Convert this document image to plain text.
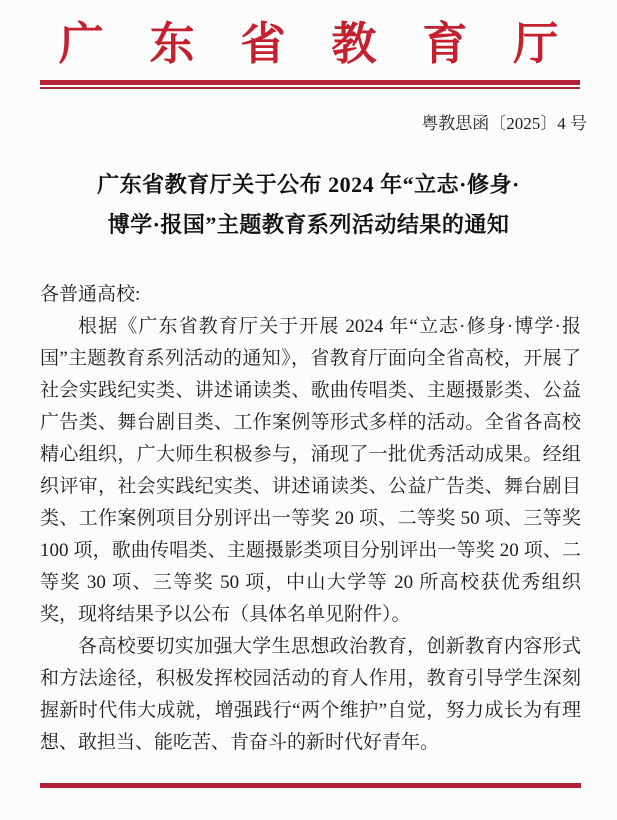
广东省教育厅
粤教思函〔2025〕4 号
广东省教育厅关于公布 2024 年“立志·修身·
博学·报国”主题教育系列活动结果的通知

各普通高校:

根据《广东省教育厅关于开展 2024 年“立志·修身·博学·报国”主题教育系列活动的通知》，省教育厅面向全省高校，开展了社会实践纪实类、讲述诵读类、歌曲传唱类、主题摄影类、公益广告类、舞台剧目类、工作案例等形式多样的活动。全省各高校精心组织，广大师生积极参与，涌现了一批优秀活动成果。经组织评审，社会实践纪实类、讲述诵读类、公益广告类、舞台剧目类、工作案例项目分别评出一等奖 20 项、二等奖 50 项、三等奖 100 项，歌曲传唱类、主题摄影类项目分别评出一等奖 20 项、二等奖 30 项、三等奖 50 项，中山大学等 20 所高校获优秀组织奖，现将结果予以公布（具体名单见附件）。

各高校要切实加强大学生思想政治教育，创新教育内容形式和方法途径，积极发挥校园活动的育人作用，教育引导学生深刻握新时代伟大成就，增强践行“两个维护”自觉，努力成长为有理想、敢担当、能吃苦、肯奋斗的新时代好青年。
